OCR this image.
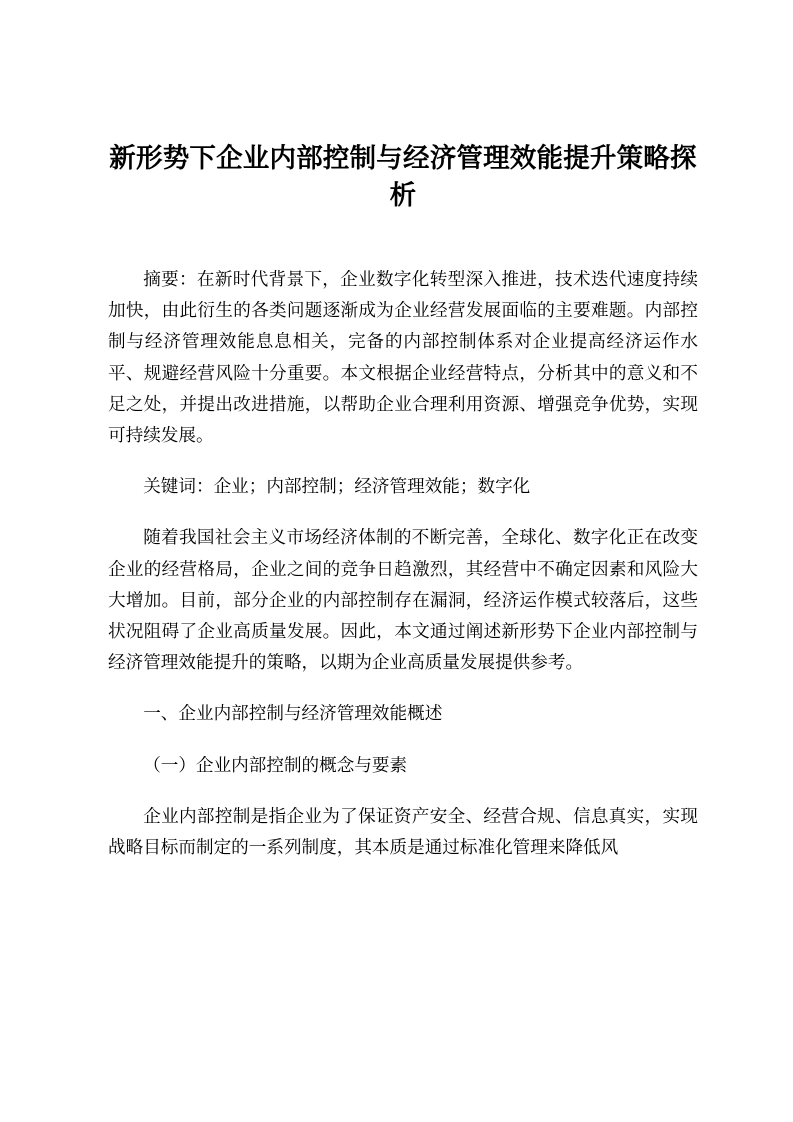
新形势下企业内部控制与经济管理效能提升策略探析

摘要：在新时代背景下，企业数字化转型深入推进，技术迭代速度持续加快，由此衍生的各类问题逐渐成为企业经营发展面临的主要难题。内部控制与经济管理效能息息相关，完备的内部控制体系对企业提高经济运作水平、规避经营风险十分重要。本文根据企业经营特点，分析其中的意义和不足之处，并提出改进措施，以帮助企业合理利用资源、增强竞争优势，实现可持续发展。

关键词：企业；内部控制；经济管理效能；数字化

随着我国社会主义市场经济体制的不断完善，全球化、数字化正在改变企业的经营格局，企业之间的竞争日趋激烈，其经营中不确定因素和风险大大增加。目前，部分企业的内部控制存在漏洞，经济运作模式较落后，这些状况阻碍了企业高质量发展。因此，本文通过阐述新形势下企业内部控制与经济管理效能提升的策略，以期为企业高质量发展提供参考。

一、企业内部控制与经济管理效能概述

（一）企业内部控制的概念与要素

企业内部控制是指企业为了保证资产安全、经营合规、信息真实，实现战略目标而制定的一系列制度，其本质是通过标准化管理来降低风
